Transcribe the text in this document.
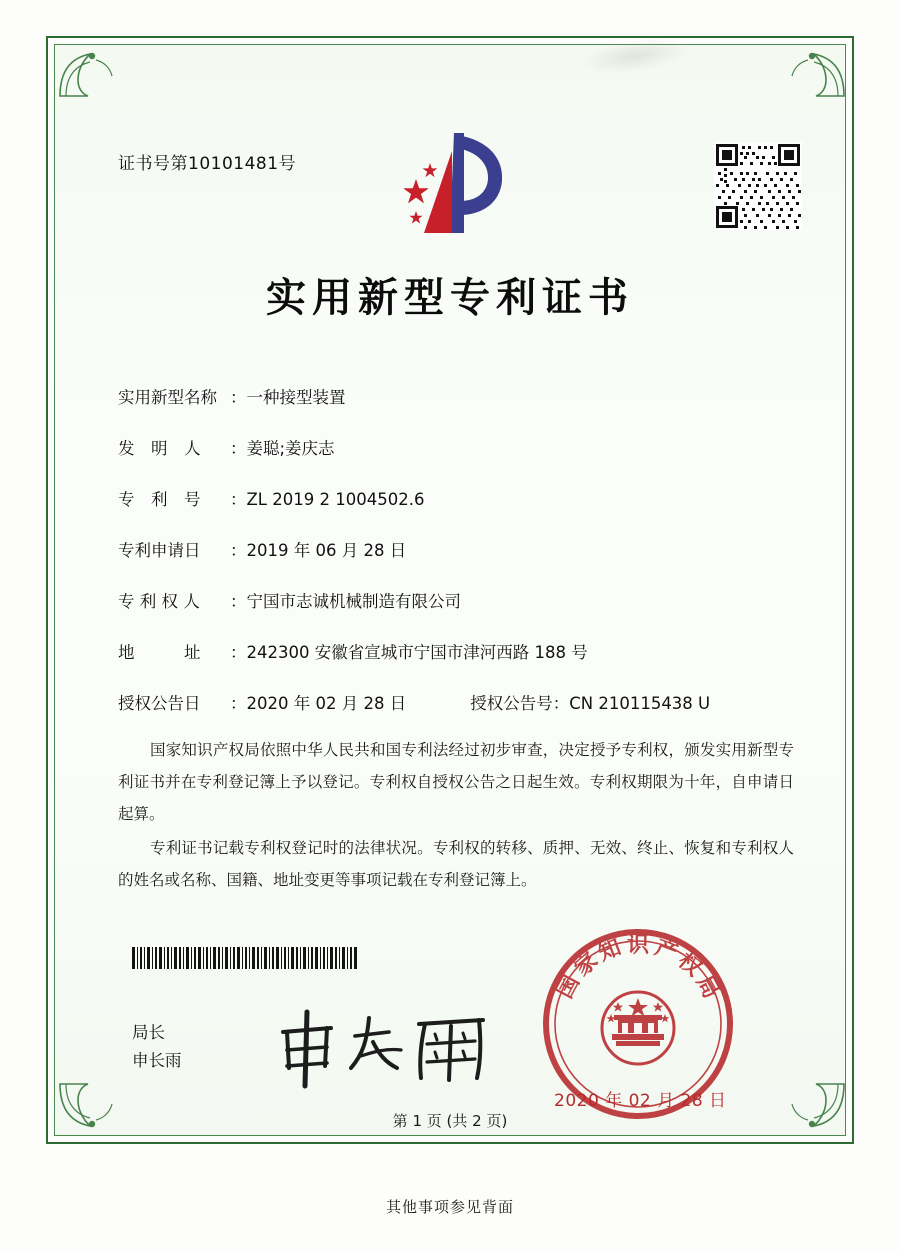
证书号第10101481号
实用新型专利证书
实用新型名称 ：一种接型装置
发　明　人 ：姜聪;姜庆志
专　利　号 ：ZL 2019 2 1004502.6
专利申请日 ：2019 年 06 月 28 日
专 利 权 人 ：宁国市志诚机械制造有限公司
地　　　址 ：242300 安徽省宣城市宁国市津河西路 188 号
授权公告日 ：2020 年 02 月 28 日	授权公告号：CN 210115438 U

国家知识产权局依照中华人民共和国专利法经过初步审查，决定授予专利权，颁发实用新型专利证书并在专利登记簿上予以登记。专利权自授权公告之日起生效。专利权期限为十年，自申请日起算。

专利证书记载专利权登记时的法律状况。专利权的转移、质押、无效、终止、恢复和专利权人的姓名或名称、国籍、地址变更等事项记载在专利登记簿上。

局长
申长雨
国
家
知 识 产
权
局
2020 年 02 月 28 日
第 1 页 (共 2 页)
其他事项参见背面
